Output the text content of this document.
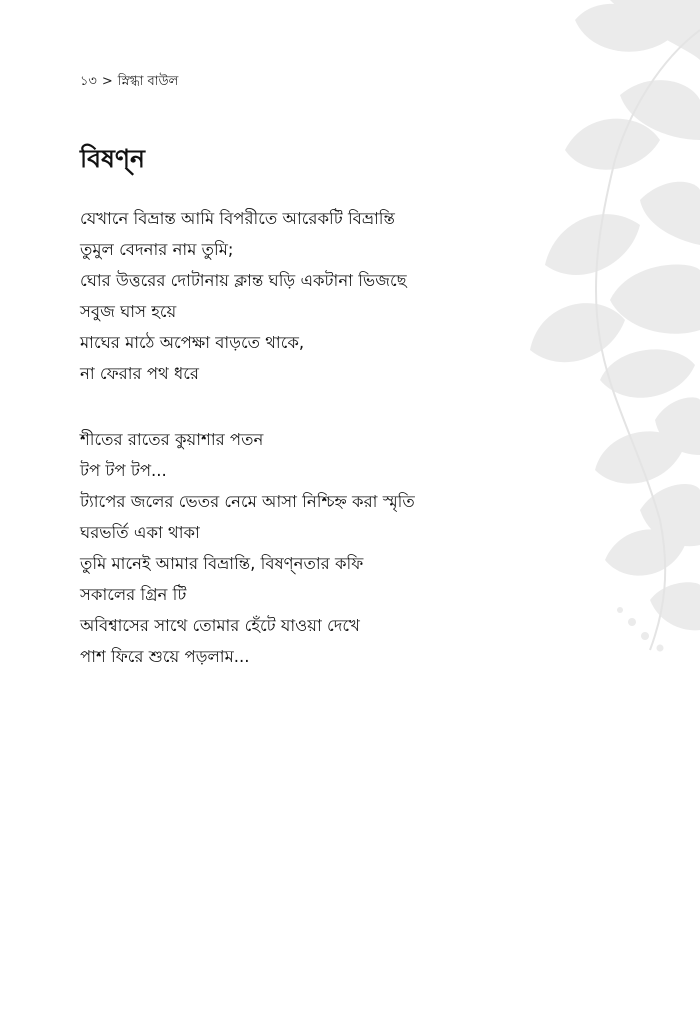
১৩ > স্নিগ্ধা বাউল
বিষণ্ন
যেখানে বিভ্রান্ত আমি বিপরীতে আরেকটি বিভ্রান্তি
তুমুল বেদনার নাম তুমি;
ঘোর উত্তরের দোটানায় ক্লান্ত ঘড়ি একটানা ভিজছে
সবুজ ঘাস হয়ে
মাঘের মাঠে অপেক্ষা বাড়তে থাকে,
না ফেরার পথ ধরে
শীতের রাতের কুয়াশার পতন
টপ টপ টপ...
ট্যাপের জলের ভেতর নেমে আসা নিশ্চিহ্ন করা স্মৃতি
ঘরভর্তি একা থাকা
তুমি মানেই আমার বিভ্রান্তি, বিষণ্নতার কফি
সকালের গ্রিন টি
অবিশ্বাসের সাথে তোমার হেঁটে যাওয়া দেখে
পাশ ফিরে শুয়ে পড়লাম...
